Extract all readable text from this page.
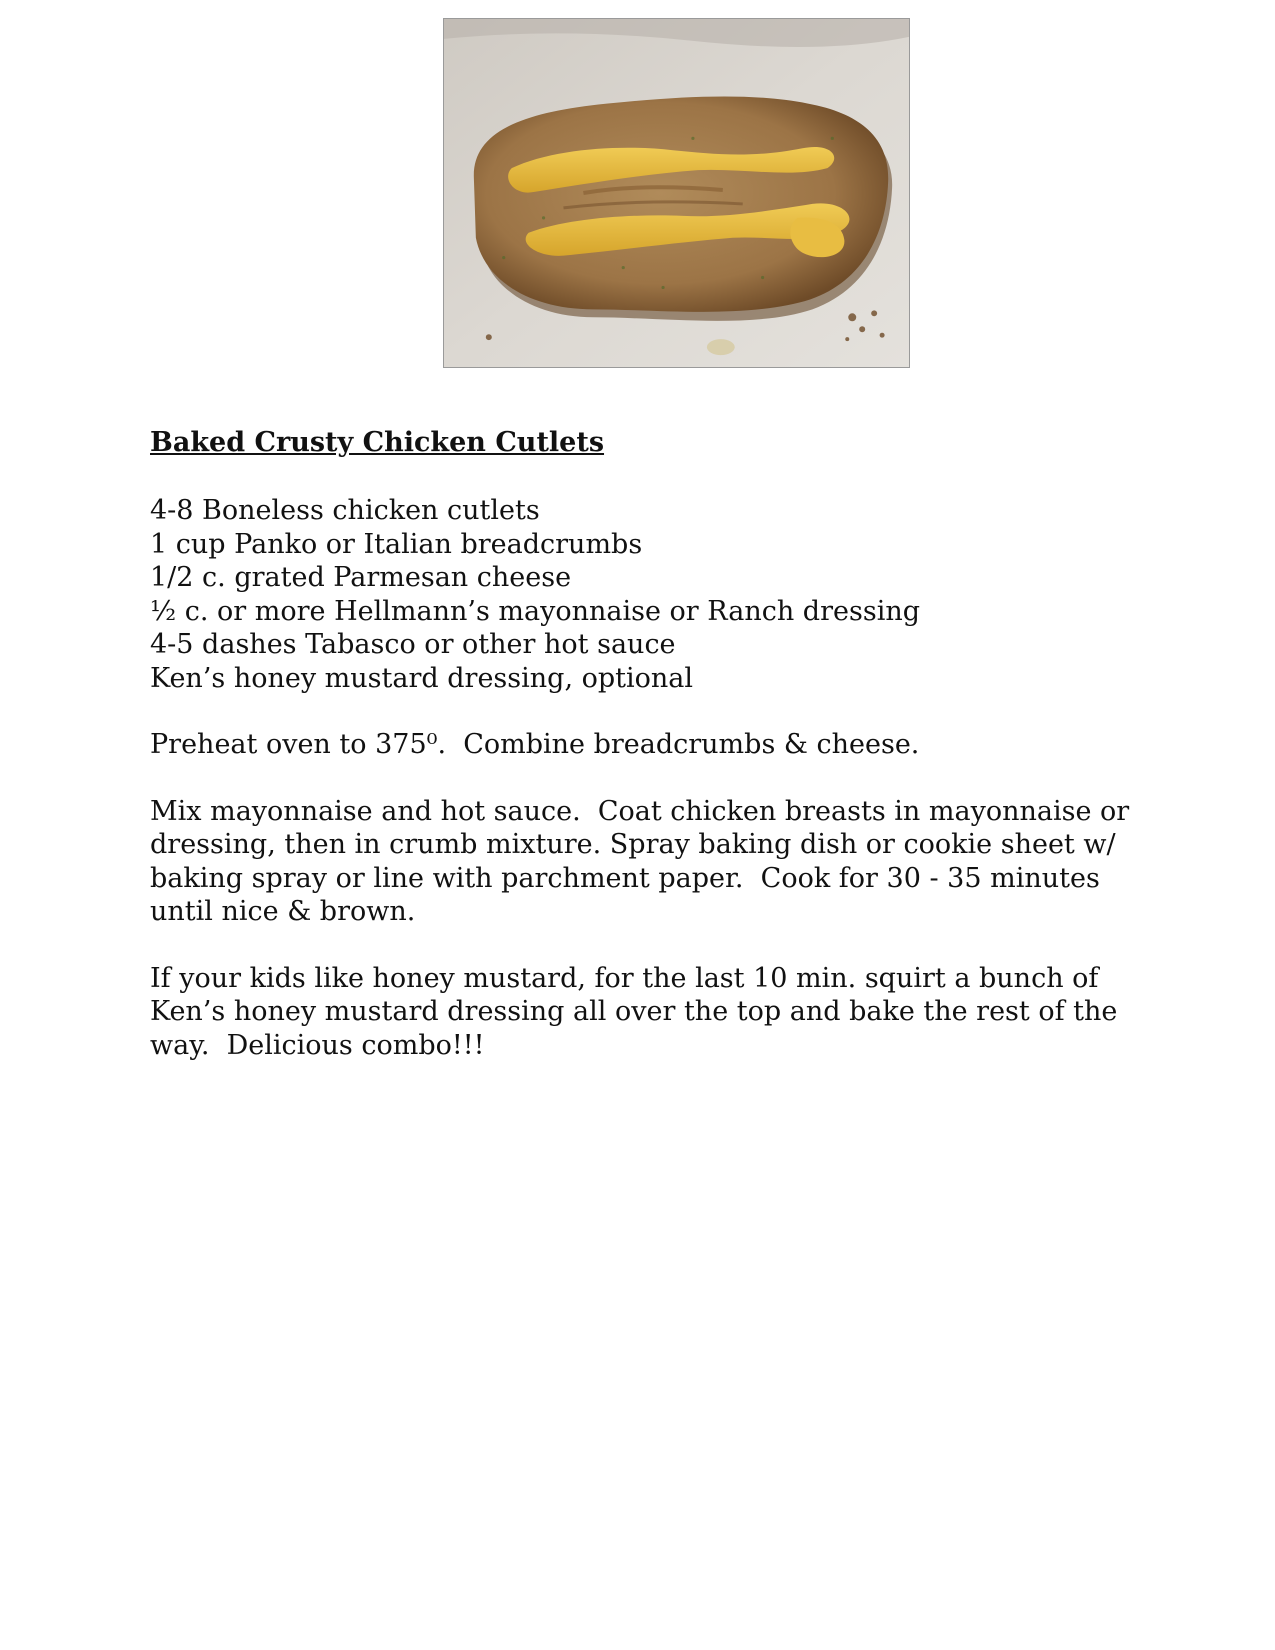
Baked Crusty Chicken Cutlets
4-8 Boneless chicken cutlets
1 cup Panko or Italian breadcrumbs
1/2 c. grated Parmesan cheese
½ c. or more Hellmann’s mayonnaise or Ranch dressing
4-5 dashes Tabasco or other hot sauce
Ken’s honey mustard dressing, optional

Preheat oven to 375⁰.  Combine breadcrumbs & cheese.

Mix mayonnaise and hot sauce.  Coat chicken breasts in mayonnaise or dressing, then in crumb mixture. Spray baking dish or cookie sheet w/ baking spray or line with parchment paper.  Cook for 30 - 35 minutes until nice & brown.

If your kids like honey mustard, for the last 10 min. squirt a bunch of Ken’s honey mustard dressing all over the top and bake the rest of the way.  Delicious combo!!!
